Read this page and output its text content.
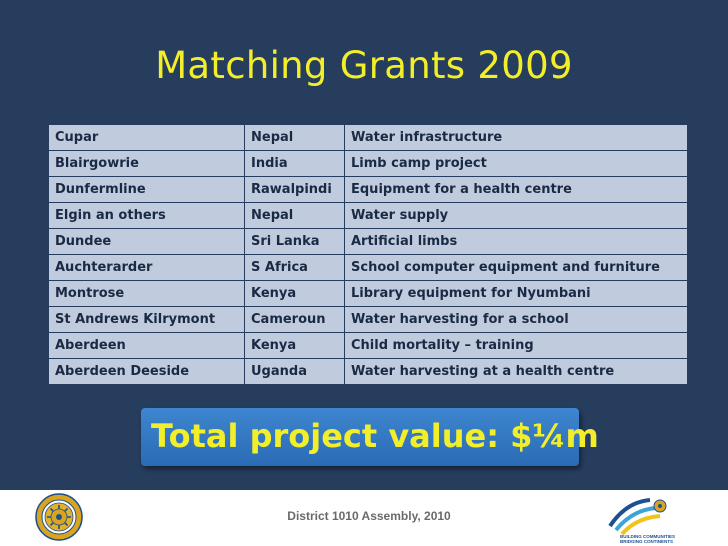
Matching Grants 2009
Cupar	Nepal	Water infrastructure
Blairgowrie	India	Limb camp project
Dunfermline	Rawalpindi	Equipment for a health centre
Elgin an others	Nepal	Water supply
Dundee	Sri Lanka	Artificial limbs
Auchterarder	S Africa	School computer equipment and furniture
Montrose	Kenya	Library equipment for Nyumbani
St Andrews Kilrymont	Cameroun	Water harvesting for a school
Aberdeen	Kenya	Child mortality – training
Aberdeen Deeside	Uganda	Water harvesting at a health centre
Total project value: $¼m
District 1010 Assembly, 2010
BUILDING COMMUNITIES
BRIDGING CONTINENTS
